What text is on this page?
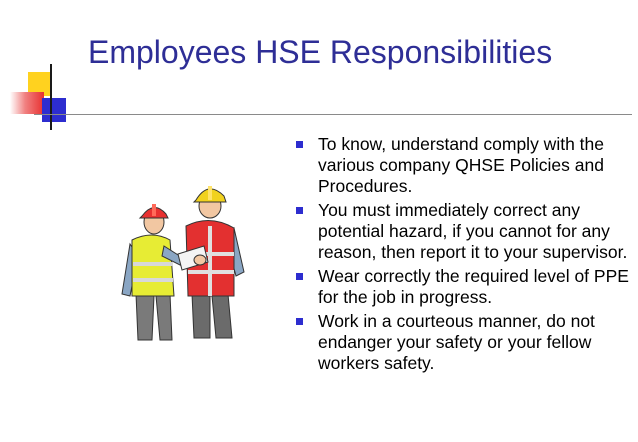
Employees HSE Responsibilities
To know, understand comply with the various company QHSE Policies and Procedures.
You must immediately correct any potential hazard, if you cannot for any reason, then report it to your supervisor.
Wear correctly the required level of PPE for the job in progress.
Work in a courteous manner, do not endanger your safety or your fellow workers safety.
